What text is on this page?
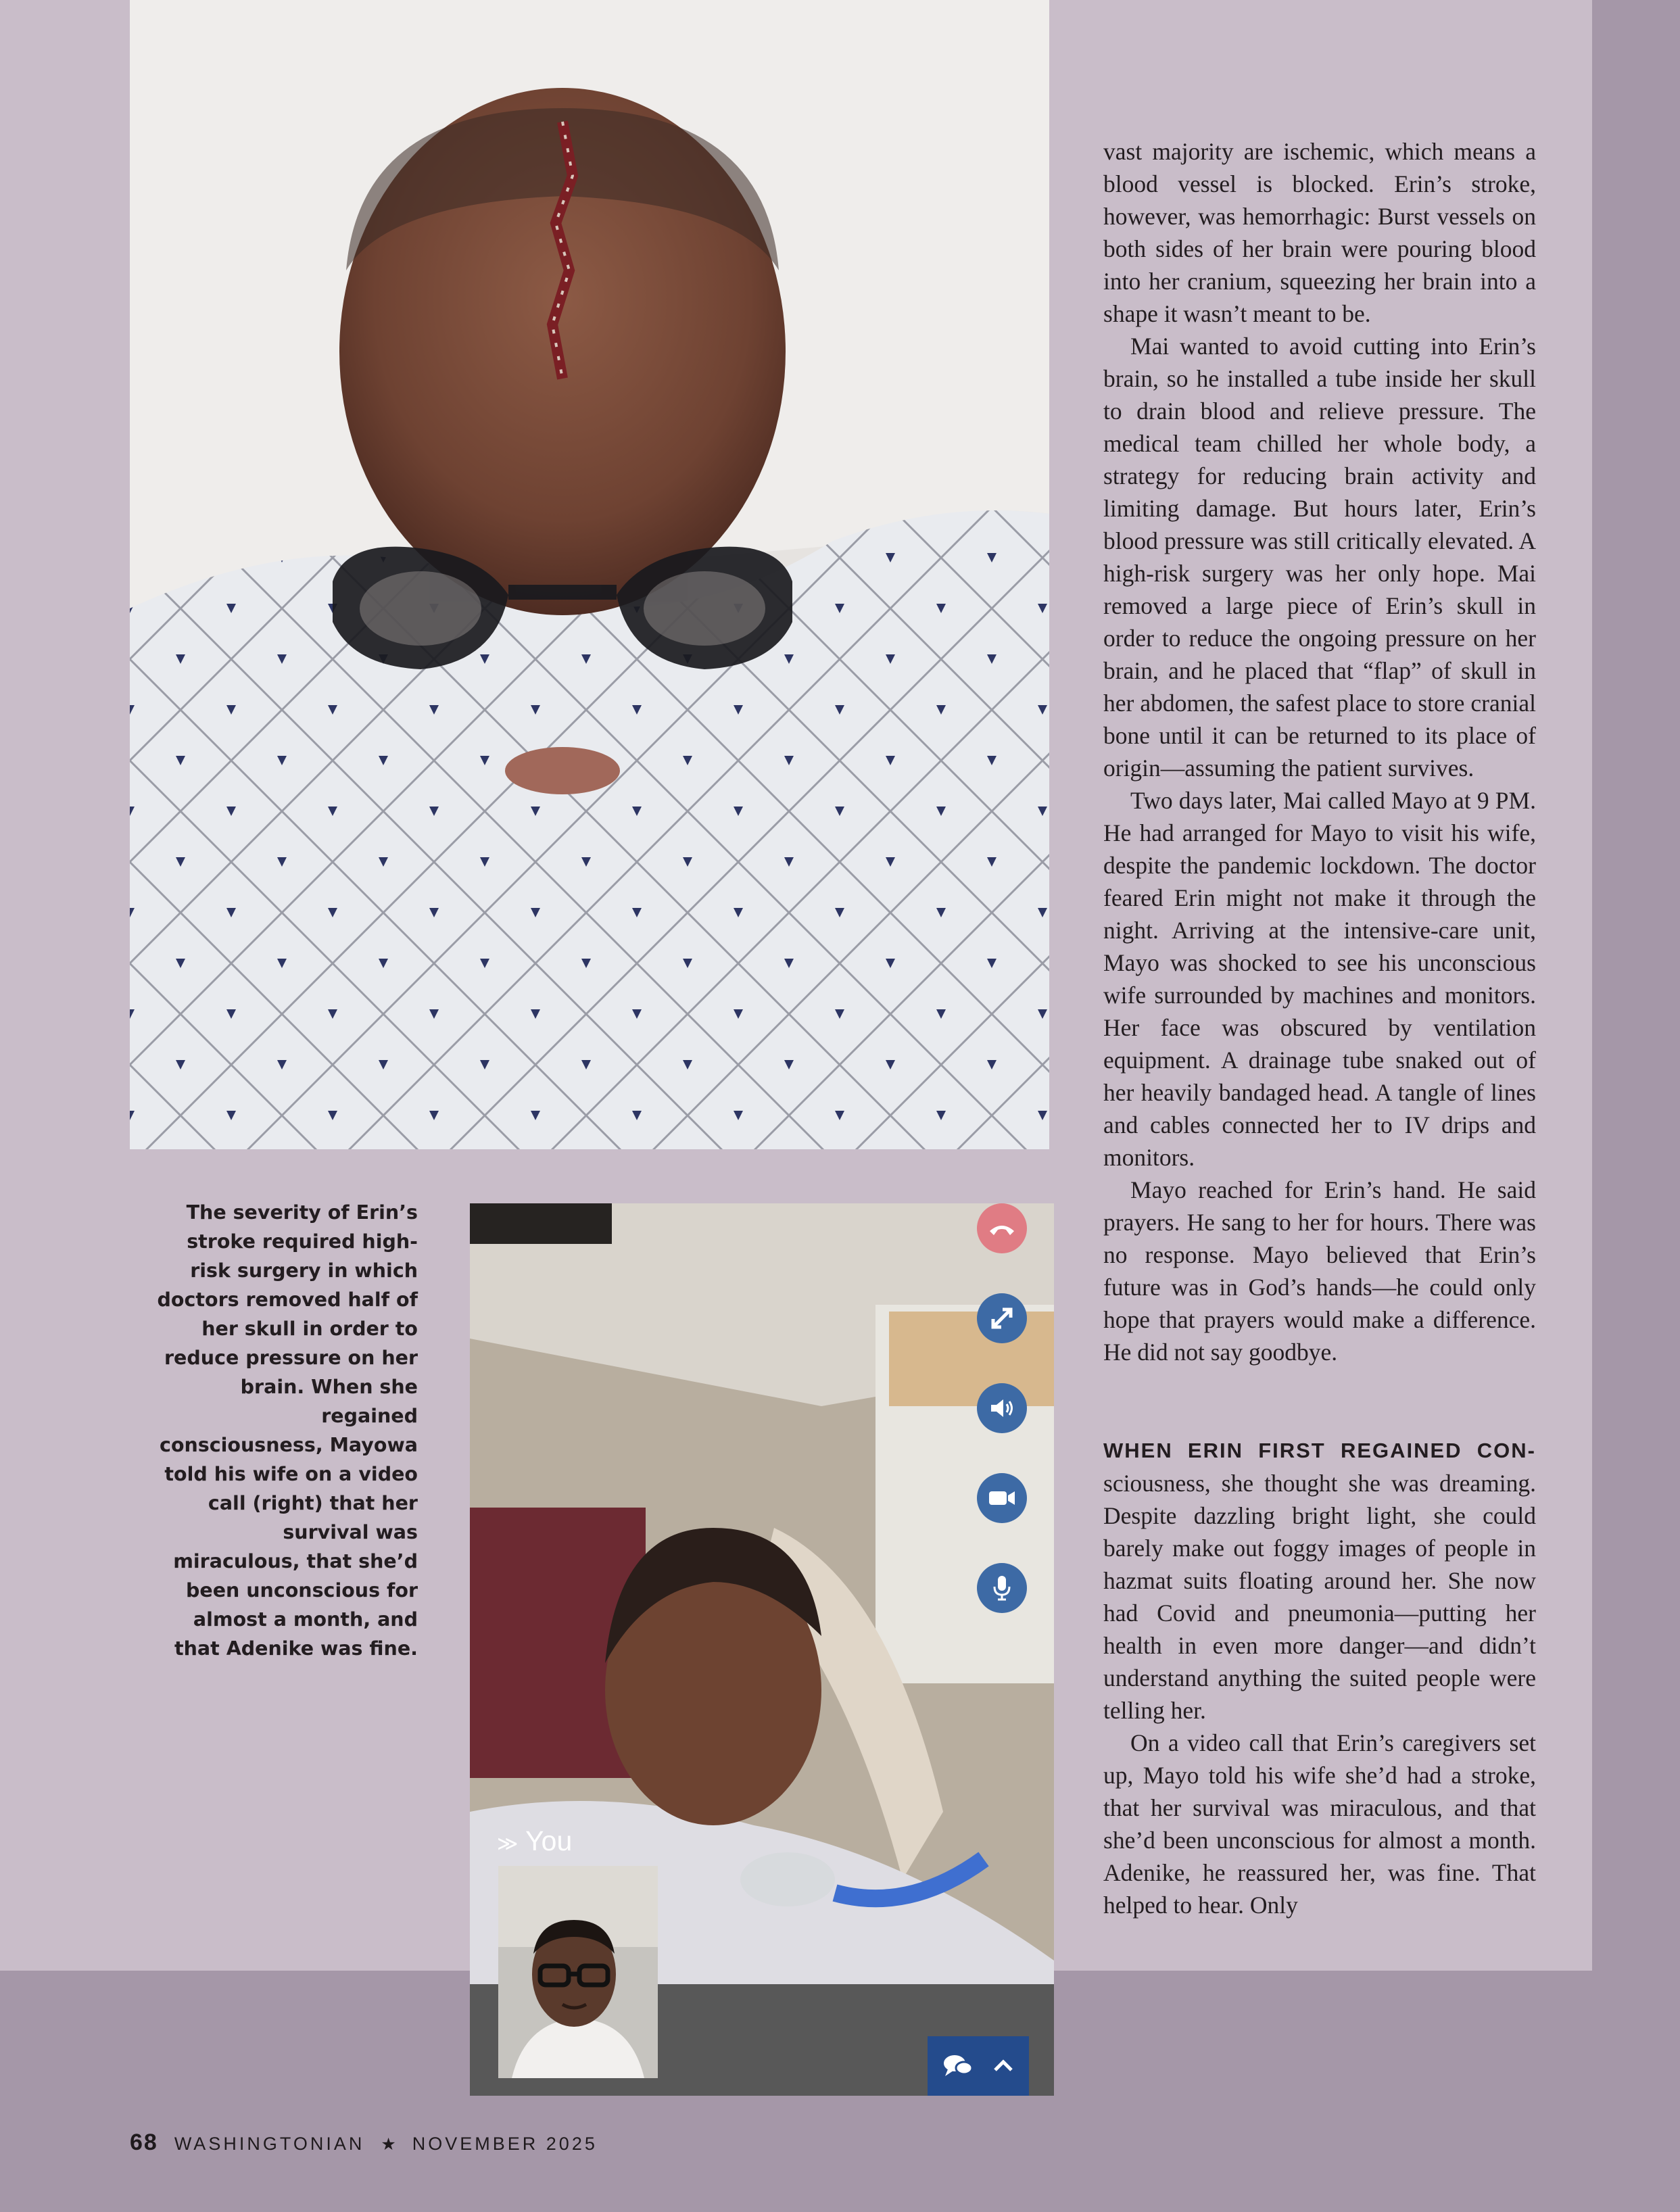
vast majority are ischemic, which means a blood vessel is blocked. Erin’s stroke, however, was hemorrhagic: Burst vessels on both sides of her brain were pouring blood into her cranium, squeezing her brain into a shape it wasn’t meant to be.

Mai wanted to avoid cutting into Erin’s brain, so he installed a tube inside her skull to drain blood and relieve pressure. The medical team chilled her whole body, a strategy for reducing brain activity and limiting damage. But hours later, Erin’s blood pressure was still critically elevated. A high-risk surgery was her only hope. Mai removed a large piece of Erin’s skull in order to reduce the ongoing pressure on her brain, and he placed that “flap” of skull in her abdomen, the safest place to store cranial bone until it can be returned to its place of origin—assuming the patient survives.

Two days later, Mai called Mayo at 9 PM. He had arranged for Mayo to visit his wife, despite the pandemic lockdown. The doctor feared Erin might not make it through the night. Arriving at the intensive-care unit, Mayo was shocked to see his unconscious wife surrounded by machines and monitors. Her face was obscured by ventilation equipment. A drainage tube snaked out of her heavily bandaged head. A tangle of lines and cables connected her to IV drips and monitors.

Mayo reached for Erin’s hand. He said prayers. He sang to her for hours. There was no response. Mayo believed that Erin’s future was in God’s hands—he could only hope that prayers would make a difference. He did not say goodbye.

WHEN ERIN FIRST REGAINED CON- sciousness, she thought she was dreaming. Despite dazzling bright light, she could barely make out foggy images of people in hazmat suits floating around her. She now had Covid and pneumonia—putting her health in even more danger—and didn’t understand anything the suited people were telling her.

On a video call that Erin’s caregivers set up, Mayo told his wife she’d had a stroke, that her survival was miraculous, and that she’d been unconscious for almost a month. Adenike, he reassured her, was fine. That helped to hear. Only

The severity of Erin’s stroke required high-risk surgery in which doctors removed half of her skull in order to reduce pressure on her brain. When she regained consciousness, Mayowa told his wife on a video call (right) that her survival was miraculous, that she’d been unconscious for almost a month, and that Adenike was fine.
≫ You
68 WASHINGTONIAN ★ NOVEMBER 2025
